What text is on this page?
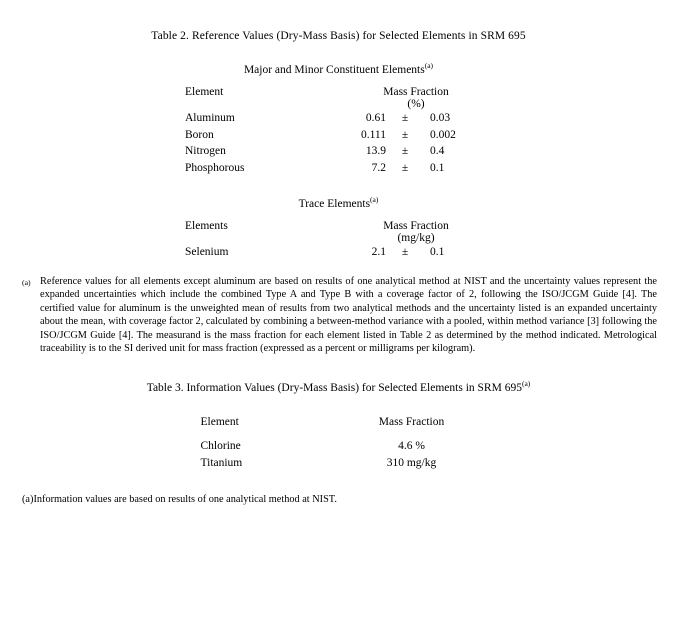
Table 2. Reference Values (Dry-Mass Basis) for Selected Elements in SRM 695
Major and Minor Constituent Elements$^{(a)}$
Element	Mass Fraction		
	(%)		
Aluminum	0.61	±	0.03
Boron	0.111	±	0.002
Nitrogen	13.9	±	0.4
Phosphorous	7.2	±	0.1
Trace Elements$^{(a)}$
Elements	Mass Fraction		
	(mg/kg)		
Selenium	2.1	±	0.1
(a) Reference values for all elements except aluminum are based on results of one analytical method at NIST and the uncertainty values represent the expanded uncertainties which include the combined Type A and Type B with a coverage factor of 2, following the ISO/JCGM Guide [4]. The certified value for aluminum is the unweighted mean of results from two analytical methods and the uncertainty listed is an expanded uncertainty about the mean, with coverage factor 2, calculated by combining a between-method variance with a pooled, within method variance [3] following the ISO/JCGM Guide [4]. The measurand is the mass fraction for each element listed in Table 2 as determined by the method indicated. Metrological traceability is to the SI derived unit for mass fraction (expressed as a percent or milligrams per kilogram).
Table 3. Information Values (Dry-Mass Basis) for Selected Elements in SRM 695$^{(a)}$
Element	Mass Fraction

Chlorine	4.6 %
Titanium	310 mg/kg
(a) Information values are based on results of one analytical method at NIST.
